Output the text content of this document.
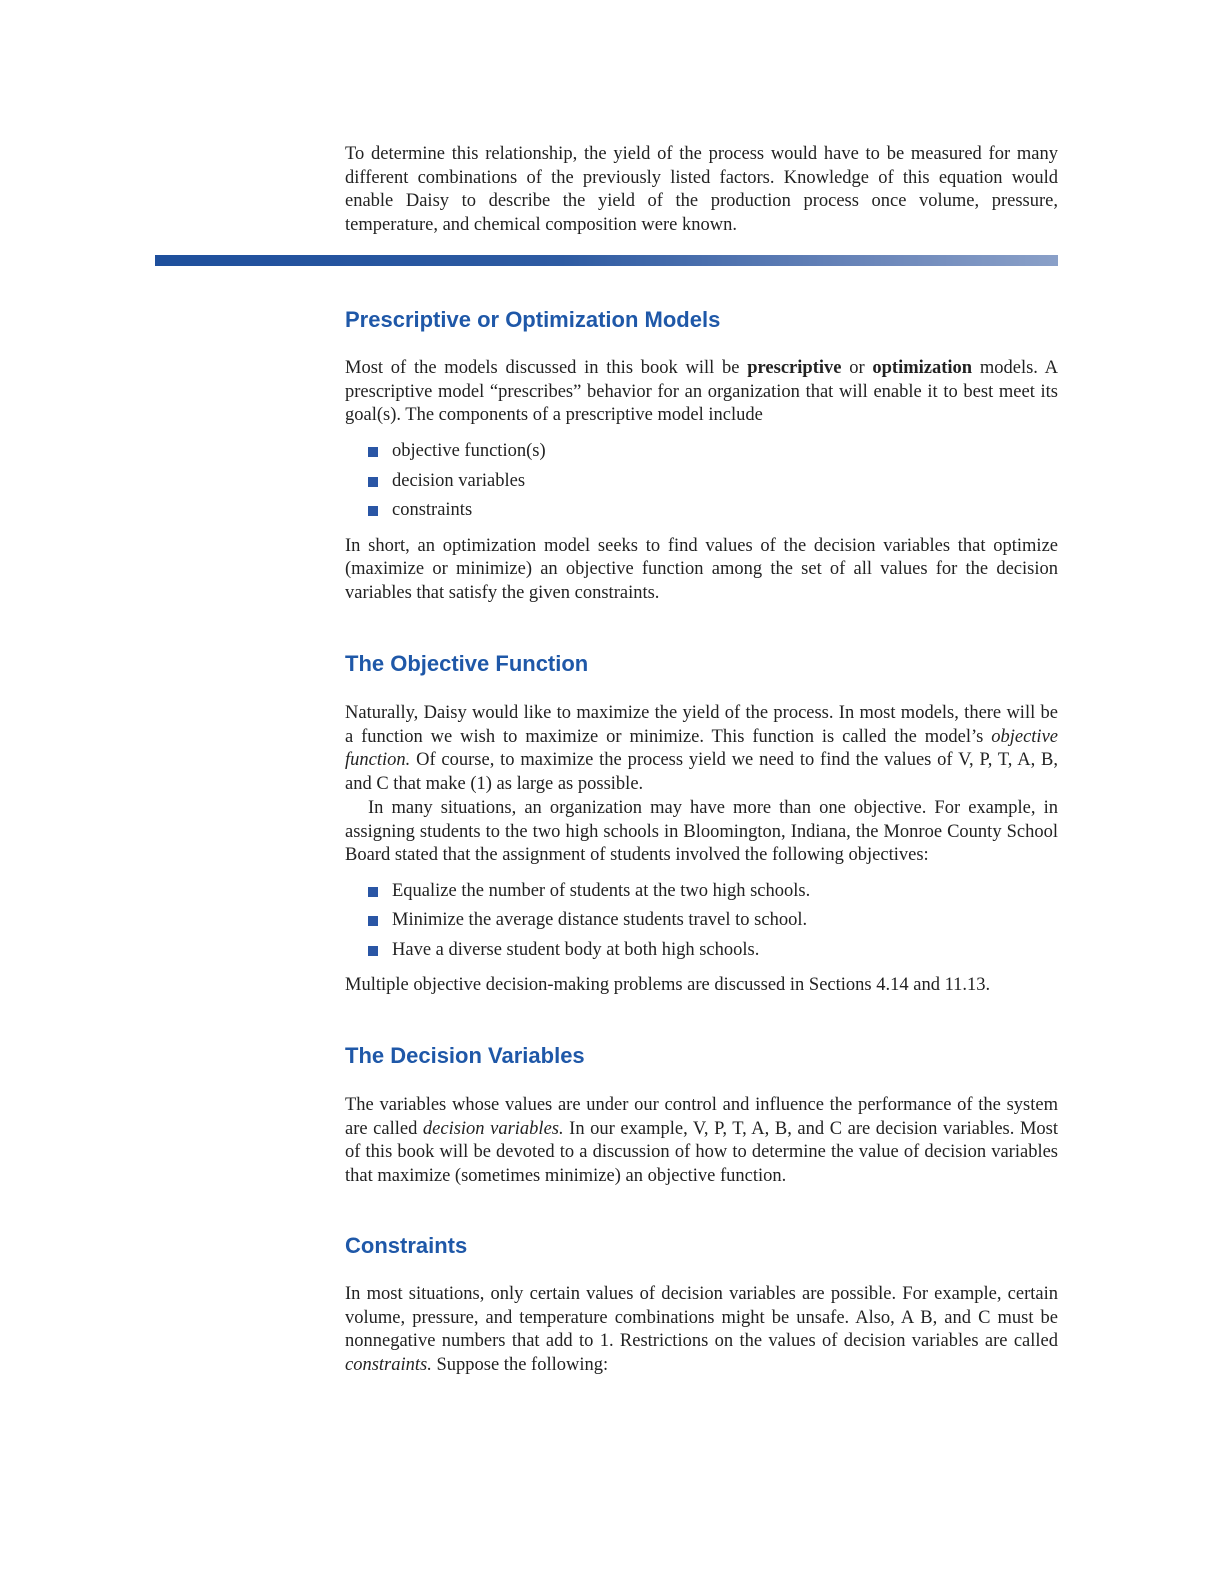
To determine this relationship, the yield of the process would have to be measured for many different combinations of the previously listed factors. Knowledge of this equation would enable Daisy to describe the yield of the production process once volume, pressure, temperature, and chemical composition were known.

Prescriptive or Optimization Models

Most of the models discussed in this book will be prescriptive or optimization models. A prescriptive model “prescribes” behavior for an organization that will enable it to best meet its goal(s). The components of a prescriptive model include

objective function(s)
decision variables
constraints

In short, an optimization model seeks to find values of the decision variables that optimize (maximize or minimize) an objective function among the set of all values for the decision variables that satisfy the given constraints.

The Objective Function

Naturally, Daisy would like to maximize the yield of the process. In most models, there will be a function we wish to maximize or minimize. This function is called the model’s objective function. Of course, to maximize the process yield we need to find the values of V, P, T, A, B, and C that make (1) as large as possible.

In many situations, an organization may have more than one objective. For example, in assigning students to the two high schools in Bloomington, Indiana, the Monroe County School Board stated that the assignment of students involved the following objectives:

Equalize the number of students at the two high schools.
Minimize the average distance students travel to school.
Have a diverse student body at both high schools.

Multiple objective decision-making problems are discussed in Sections 4.14 and 11.13.

The Decision Variables

The variables whose values are under our control and influence the performance of the system are called decision variables. In our example, V, P, T, A, B, and C are decision variables. Most of this book will be devoted to a discussion of how to determine the value of decision variables that maximize (sometimes minimize) an objective function.

Constraints

In most situations, only certain values of decision variables are possible. For example, certain volume, pressure, and temperature combinations might be unsafe. Also, A B, and C must be nonnegative numbers that add to 1. Restrictions on the values of decision variables are called constraints. Suppose the following:
